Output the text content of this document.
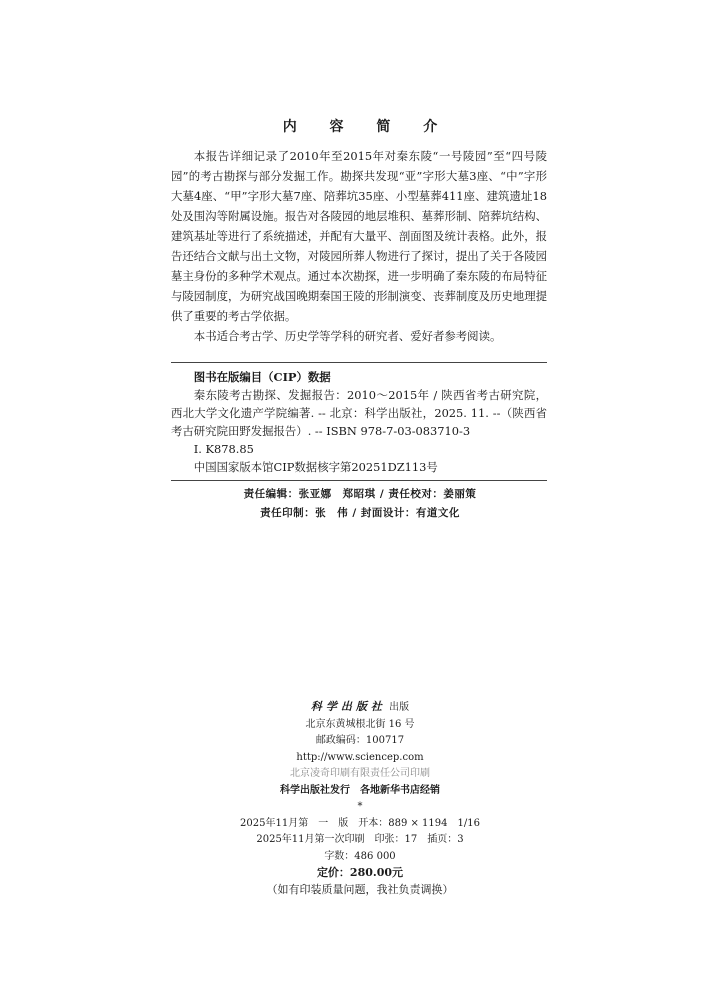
内 容 简 介

本报告详细记录了2010年至2015年对秦东陵“一号陵园”至“四号陵园”的考古勘探与部分发掘工作。勘探共发现“亚”字形大墓3座、“中”字形大墓4座、“甲”字形大墓7座、陪葬坑35座、小型墓葬411座、建筑遗址18处及围沟等附属设施。报告对各陵园的地层堆积、墓葬形制、陪葬坑结构、建筑基址等进行了系统描述，并配有大量平、剖面图及统计表格。此外，报告还结合文献与出土文物，对陵园所葬人物进行了探讨，提出了关于各陵园墓主身份的多种学术观点。通过本次勘探，进一步明确了秦东陵的布局特征与陵园制度，为研究战国晚期秦国王陵的形制演变、丧葬制度及历史地理提供了重要的考古学依据。

本书适合考古学、历史学等学科的研究者、爱好者参考阅读。

图书在版编目（CIP）数据

秦东陵考古勘探、发掘报告：2010～2015年 / 陕西省考古研究院，西北大学文化遗产学院编著. -- 北京：科学出版社，2025. 11. --（陕西省考古研究院田野发掘报告）. -- ISBN 978-7-03-083710-3

Ⅰ. K878.85

中国国家版本馆CIP数据核字第20251DZ113号

责任编辑：张亚娜　郑昭琪 / 责任校对：姜丽策
责任印制：张　伟 / 封面设计：有道文化
科学出版社 出版
北京东黄城根北街 16 号
邮政编码：100717
http://www.sciencep.com
北京凌奇印刷有限责任公司印刷
科学出版社发行　各地新华书店经销
*
2025年11月第　一　版　开本：889 × 1194　1/16
2025年11月第一次印刷　印张：17　插页：3
字数：486 000
定价：280.00元
（如有印装质量问题，我社负责调换）
